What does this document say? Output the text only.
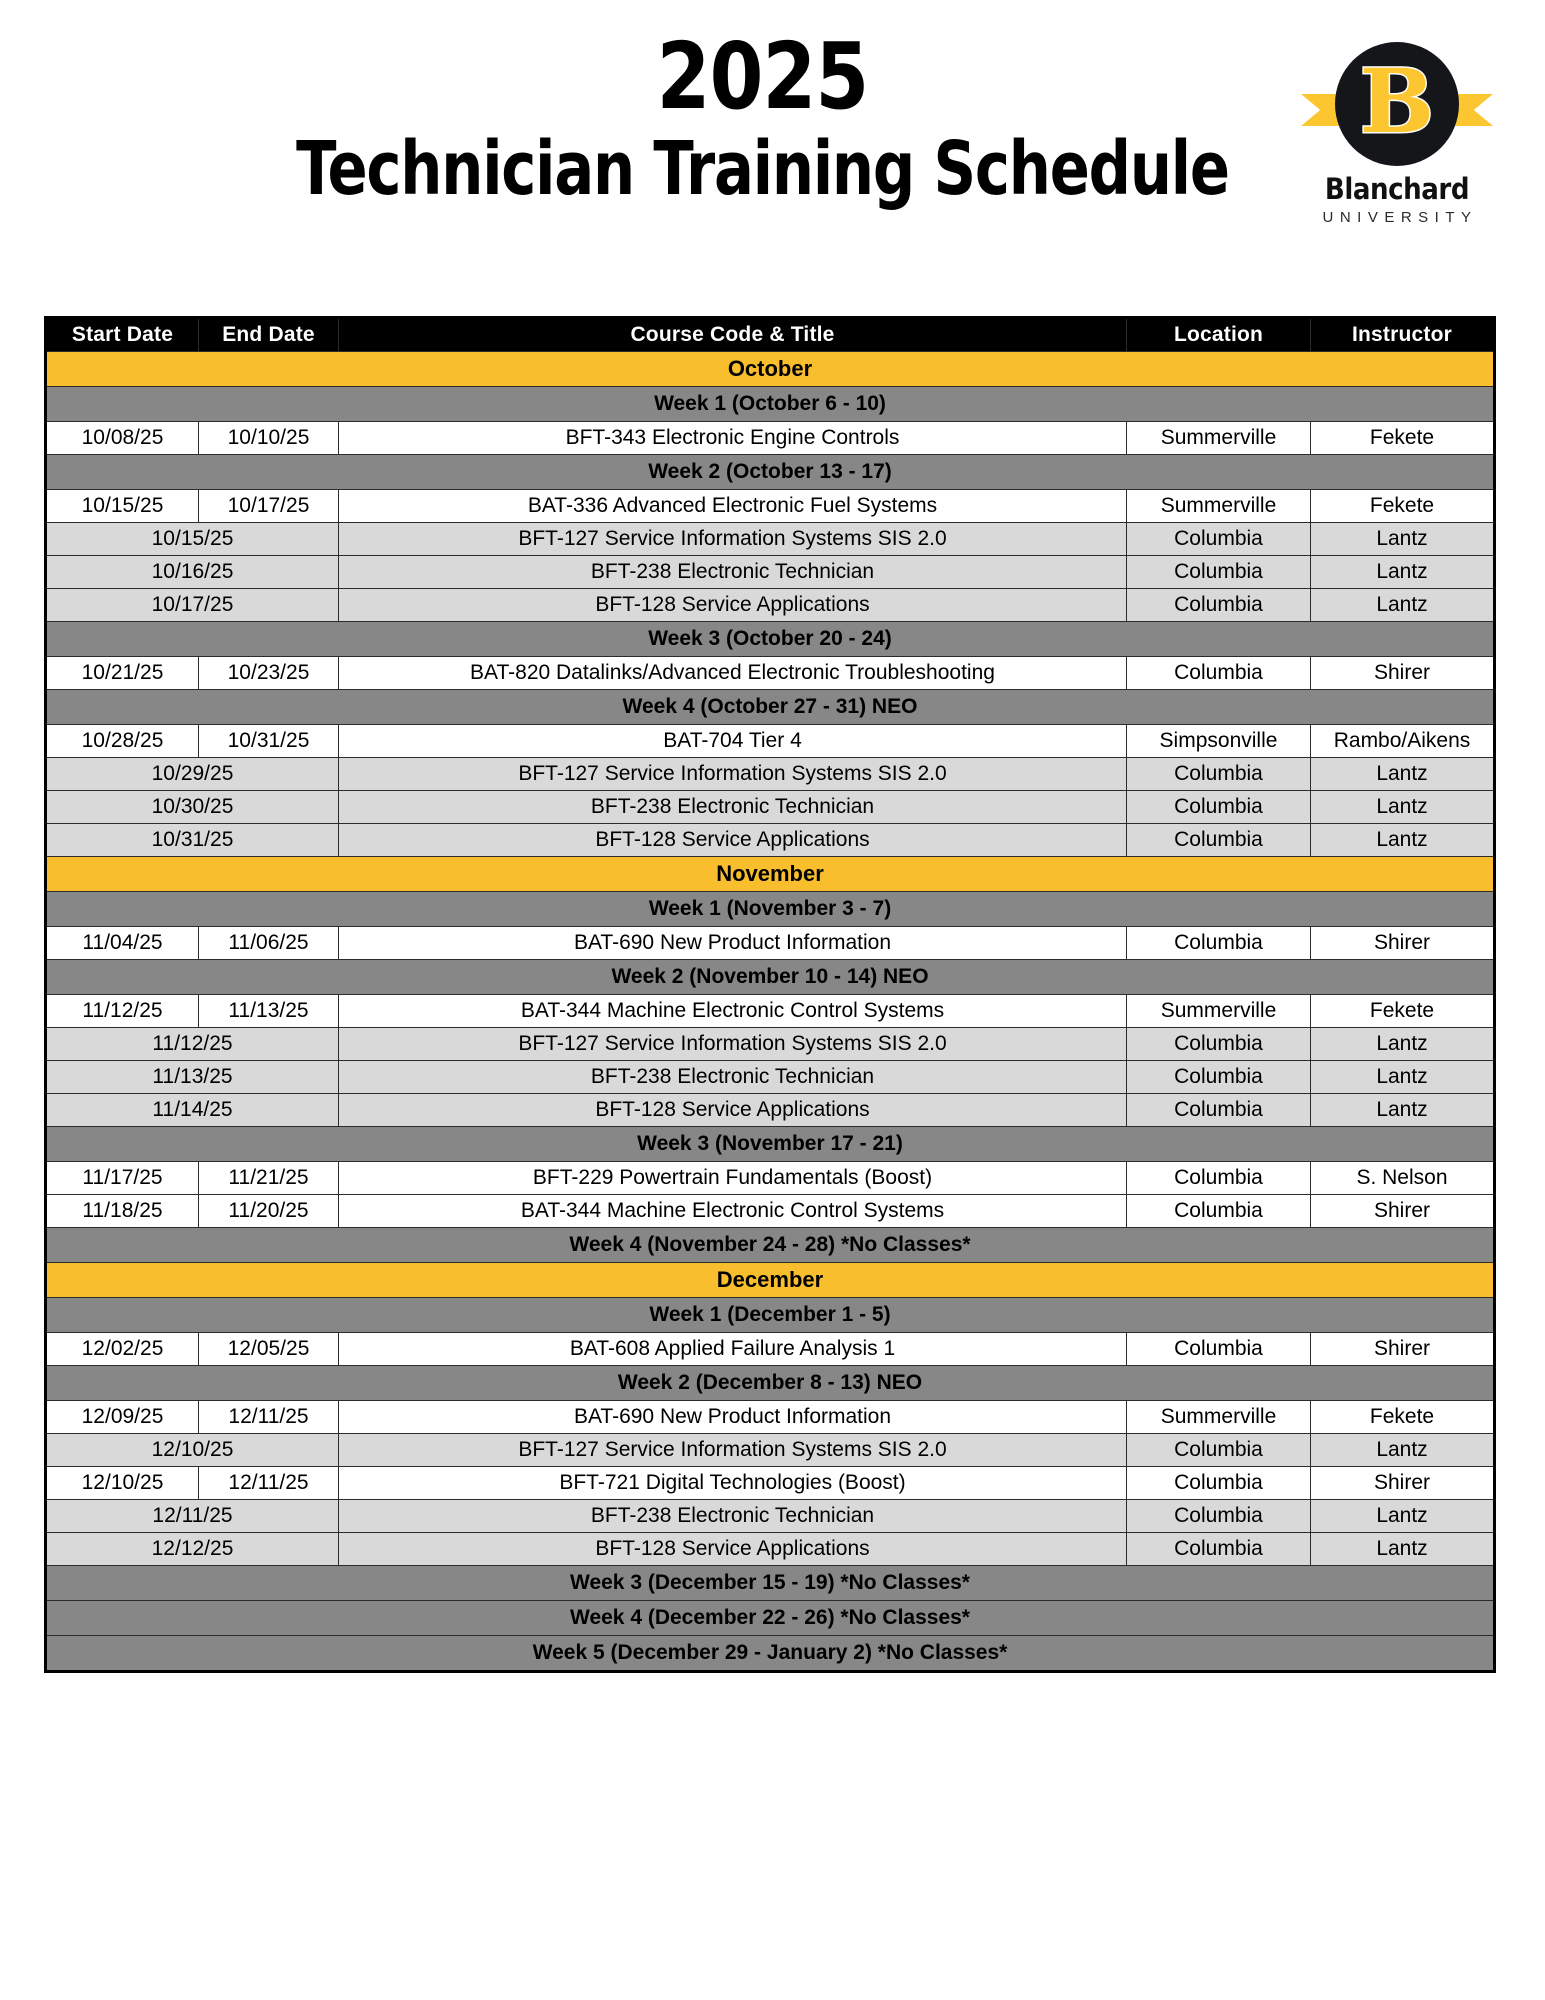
2025
Technician Training Schedule
B
Blanchard
UNIVERSITY
Start Date	End Date	Course Code & Title	Location	Instructor
October				
Week 1 (October 6 - 10)				
10/08/25	10/10/25	BFT-343 Electronic Engine Controls	Summerville	Fekete
Week 2 (October 13 - 17)				
10/15/25	10/17/25	BAT-336 Advanced Electronic Fuel Systems	Summerville	Fekete
10/15/25		BFT-127 Service Information Systems SIS 2.0	Columbia	Lantz
10/16/25		BFT-238 Electronic Technician	Columbia	Lantz
10/17/25		BFT-128 Service Applications	Columbia	Lantz
Week 3 (October 20 - 24)				
10/21/25	10/23/25	BAT-820 Datalinks/Advanced Electronic Troubleshooting	Columbia	Shirer
Week 4 (October 27 - 31) NEO				
10/28/25	10/31/25	BAT-704 Tier 4	Simpsonville	Rambo/Aikens
10/29/25		BFT-127 Service Information Systems SIS 2.0	Columbia	Lantz
10/30/25		BFT-238 Electronic Technician	Columbia	Lantz
10/31/25		BFT-128 Service Applications	Columbia	Lantz
November				
Week 1 (November 3 - 7)				
11/04/25	11/06/25	BAT-690 New Product Information	Columbia	Shirer
Week 2 (November 10 - 14) NEO				
11/12/25	11/13/25	BAT-344 Machine Electronic Control Systems	Summerville	Fekete
11/12/25		BFT-127 Service Information Systems SIS 2.0	Columbia	Lantz
11/13/25		BFT-238 Electronic Technician	Columbia	Lantz
11/14/25		BFT-128 Service Applications	Columbia	Lantz
Week 3 (November 17 - 21)				
11/17/25	11/21/25	BFT-229 Powertrain Fundamentals (Boost)	Columbia	S. Nelson
11/18/25	11/20/25	BAT-344 Machine Electronic Control Systems	Columbia	Shirer
Week 4 (November 24 - 28) *No Classes*				
December				
Week 1 (December 1 - 5)				
12/02/25	12/05/25	BAT-608 Applied Failure Analysis 1	Columbia	Shirer
Week 2 (December 8 - 13) NEO				
12/09/25	12/11/25	BAT-690 New Product Information	Summerville	Fekete
12/10/25		BFT-127 Service Information Systems SIS 2.0	Columbia	Lantz
12/10/25	12/11/25	BFT-721 Digital Technologies (Boost)	Columbia	Shirer
12/11/25		BFT-238 Electronic Technician	Columbia	Lantz
12/12/25		BFT-128 Service Applications	Columbia	Lantz
Week 3 (December 15 - 19) *No Classes*				
Week 4 (December 22 - 26) *No Classes*				
Week 5 (December 29 - January 2) *No Classes*				
